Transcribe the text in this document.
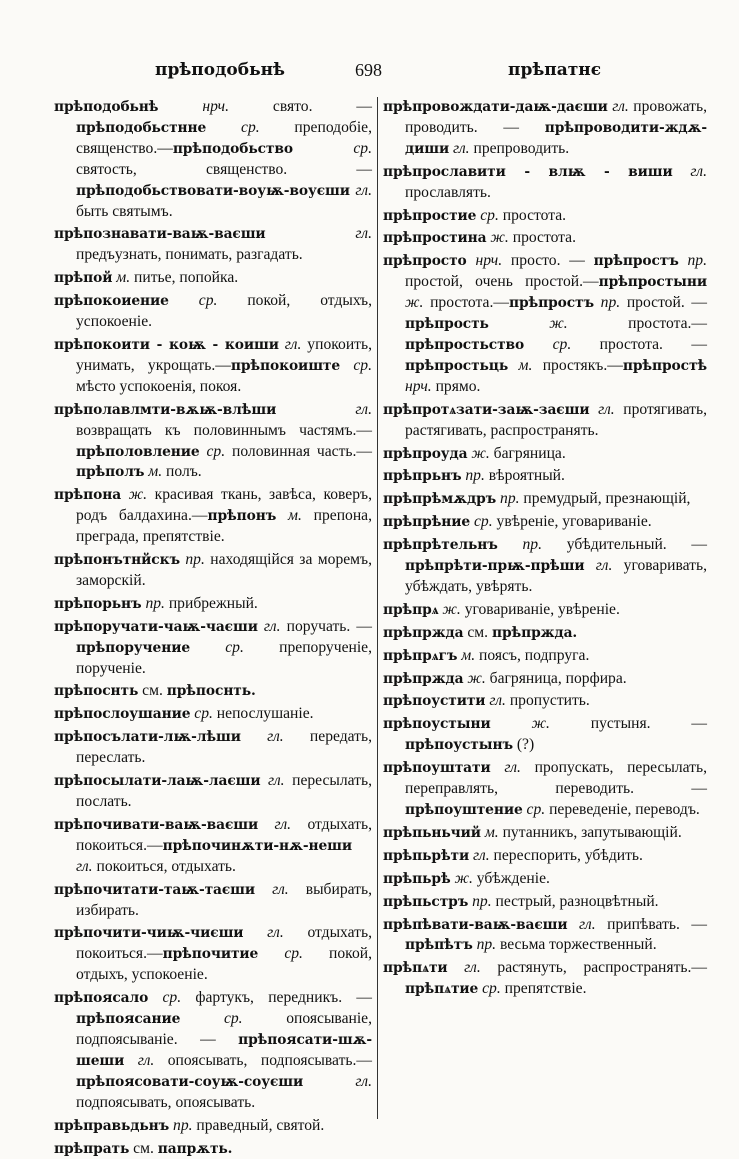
прѣподобьнѣ	698	прѣпатнє
прѣподобьнѣ нрч. свято. — прѣподобьстнне ср. преподобіе, священство.—прѣподобьство ср. святость, священство. —прѣподобьствовати-воуѭ-воуєши гл. быть святымъ.
прѣпознавати-ваѭ-ваєши гл. предъузнать, понимать, разгадать.
прѣпой м. питье, попойка.
прѣпокоиение ср. покой, отдыхъ, успокоеніе.
прѣпокоити - коѭ - коиши гл. упокоить, унимать, укрощать.—прѣпокоиште ср. мѣсто успокоенія, покоя.
прѣполавлмти-вѫѭ-влѣши гл. возвращать къ половиннымъ частямъ.—прѣполовление ср. половинная часть.—прѣполъ м. полъ.
прѣпона ж. красивая ткань, завѣса, коверъ, родъ балдахина.—прѣпонъ м. препона, преграда, препятствіе.
прѣпонътнйскъ пр. находящійся за моремъ, заморскій.
прѣпорьнъ пр. прибрежный.
прѣпоручати-чаѭ-чаєши гл. поручать. —прѣпоручение ср. препорученіе, порученіе.
прѣпоснть см. прѣпоснть.
прѣпослоушание ср. непослушаніе.
прѣпосълати-лѭ-лѣши гл. передать, переслать.
прѣпосылати-лаѭ-лаєши гл. пересылать, послать.
прѣпочивати-ваѭ-ваєши гл. отдыхать, покоиться.—прѣпочинѫти-нѫ-неши гл. покоиться, отдыхать.
прѣпочитати-таѭ-таєши гл. выбирать, избирать.
прѣпочити-чиѭ-чиєши гл. отдыхать, покоиться.—прѣпочитие ср. покой, отдыхъ, успокоеніе.
прѣпоясало ср. фартукъ, передникъ. —прѣпоясание ср. опоясываніе, подпоясываніе. — прѣпоясати-шѫ-шеши гл. опоясывать, подпоясывать.—прѣпоясовати-соуѭ-соуєши гл. подпоясывать, опоясывать.
прѣправьдьнъ пр. праведный, святой.
прѣпрать см. папрѫть.
прѣпровождати-даѭ-даєши гл. провожать, проводить. — прѣпроводити-ждѫ-диши гл. препроводить.
прѣпрославити - влѭ - виши гл. прославлять.
прѣпростие ср. простота.
прѣпростина ж. простота.
прѣпросто нрч. просто. — прѣпростъ пр. простой, очень простой.—прѣпростыни ж. простота.—прѣпростъ пр. простой. — прѣпрость ж. простота.—прѣпростьство ср. простота. —прѣпростьць м. простякъ.—прѣпростѣ нрч. прямо.
прѣпротѧзати-заѭ-заєши гл. протягивать, растягивать, распространять.
прѣпроуда ж. багряница.
прѣпрьнъ пр. вѣроятный.
прѣпрѣмѫдръ пр. премудрый, презнающій,
прѣпрѣние ср. увѣреніе, уговариваніе.
прѣпрѣтельнъ пр. убѣдительный. —прѣпрѣти-прѭ-прѣши гл. уговаривать, убѣждать, увѣрять.
прѣпрѧ ж. уговариваніе, увѣреніе.
прѣпржда см. прѣпржда.
прѣпрѧгъ м. поясъ, подпруга.
прѣпржда ж. багряница, порфира.
прѣпоустити гл. пропустить.
прѣпоустыни ж. пустыня. — прѣпоустынъ (?)
прѣпоуштати гл. пропускать, пересылать, переправлять, переводить. — прѣпоуштение ср. переведеніе, переводъ.
прѣпьньчий м. путанникъ, запутывающій.
прѣпьрѣти гл. переспорить, убѣдить.
прѣпьрѣ ж. убѣжденіе.
прѣпьстръ пр. пестрый, разноцвѣтный.
прѣпѣвати-ваѭ-ваєши гл. припѣвать. —прѣпѣтъ пр. весьма торжественный.
прѣпѧти гл. растянуть, распространять.—прѣпѧтие ср. препятствіе.
